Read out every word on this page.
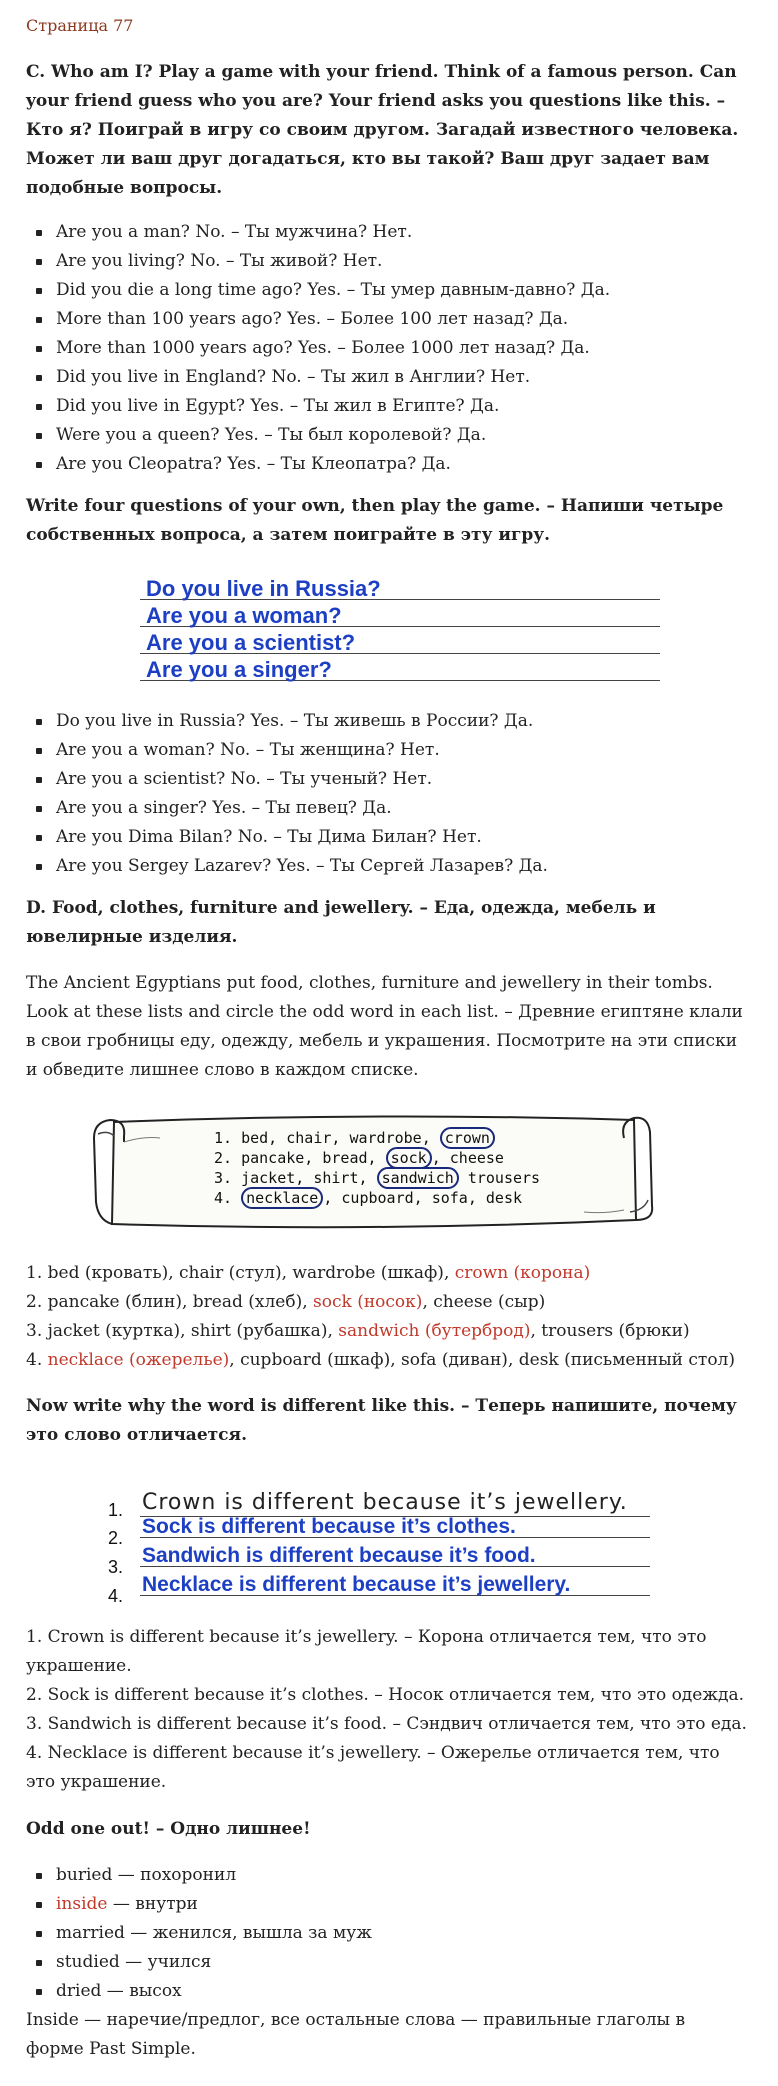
Страница 77

C. Who am I? Play a game with your friend. Think of a famous person. Can your friend guess who you are? Your friend asks you questions like this. – Кто я? Поиграй в игру со своим другом. Загадай известного человека. Может ли ваш друг догадаться, кто вы такой? Ваш друг задает вам подобные вопросы.

Are you a man? No. – Ты мужчина? Нет.
Are you living? No. – Ты живой? Нет.
Did you die a long time ago? Yes. – Ты умер давным-давно? Да.
More than 100 years ago? Yes. – Более 100 лет назад? Да.
More than 1000 years ago? Yes. – Более 1000 лет назад? Да.
Did you live in England? No. – Ты жил в Англии? Нет.
Did you live in Egypt? Yes. – Ты жил в Египте? Да.
Were you a queen? Yes. – Ты был королевой? Да.
Are you Cleopatra? Yes. – Ты Клеопатра? Да.

Write four questions of your own, then play the game. – Напиши четыре собственных вопроса, а затем поиграйте в эту игру.

Do you live in Russia?
Are you a woman?
Are you a scientist?
Are you a singer?
Do you live in Russia? Yes. – Ты живешь в России? Да.
Are you a woman? No. – Ты женщина? Нет.
Are you a scientist? No. – Ты ученый? Нет.
Are you a singer? Yes. – Ты певец? Да.
Are you Dima Bilan? No. – Ты Дима Билан? Нет.
Are you Sergey Lazarev? Yes. – Ты Сергей Лазарев? Да.

D. Food, clothes, furniture and jewellery. – Еда, одежда, мебель и ювелирные изделия.

The Ancient Egyptians put food, clothes, furniture and jewellery in their tombs. Look at these lists and circle the odd word in each list. – Древние египтяне клали в свои гробницы еду, одежду, мебель и украшения. Посмотрите на эти списки и обведите лишнее слово в каждом списке.

1. bed, chair, wardrobe, crown
2. pancake, bread, sock , cheese
3. jacket, shirt, sandwich trousers
4. necklace , cupboard, sofa, desk
1. bed (кровать), chair (стул), wardrobe (шкаф), crown (корона)
2. pancake (блин), bread (хлеб), sock (носок), cheese (сыр)
3. jacket (куртка), shirt (рубашка), sandwich (бутерброд), trousers (брюки)
4. necklace (ожерелье), cupboard (шкаф), sofa (диван), desk (письменный стол)

Now write why the word is different like this. – Теперь напишите, почему это слово отличается.

1.
2.
3.
4.
Crown is different because it’s jewellery.
Sock is different because it’s clothes.
Sandwich is different because it’s food.
Necklace is different because it’s jewellery.
1. Crown is different because it’s jewellery. – Корона отличается тем, что это украшение.
2. Sock is different because it’s clothes. – Носок отличается тем, что это одежда.
3. Sandwich is different because it’s food. – Сэндвич отличается тем, что это еда.
4. Necklace is different because it’s jewellery. – Ожерелье отличается тем, что это украшение.

Odd one out! – Одно лишнее!

buried — похоронил
inside — внутри
married — женился, вышла за муж
studied — учился
dried — высох

Inside — наречие/предлог, все остальные слова — правильные глаголы в форме Past Simple.
